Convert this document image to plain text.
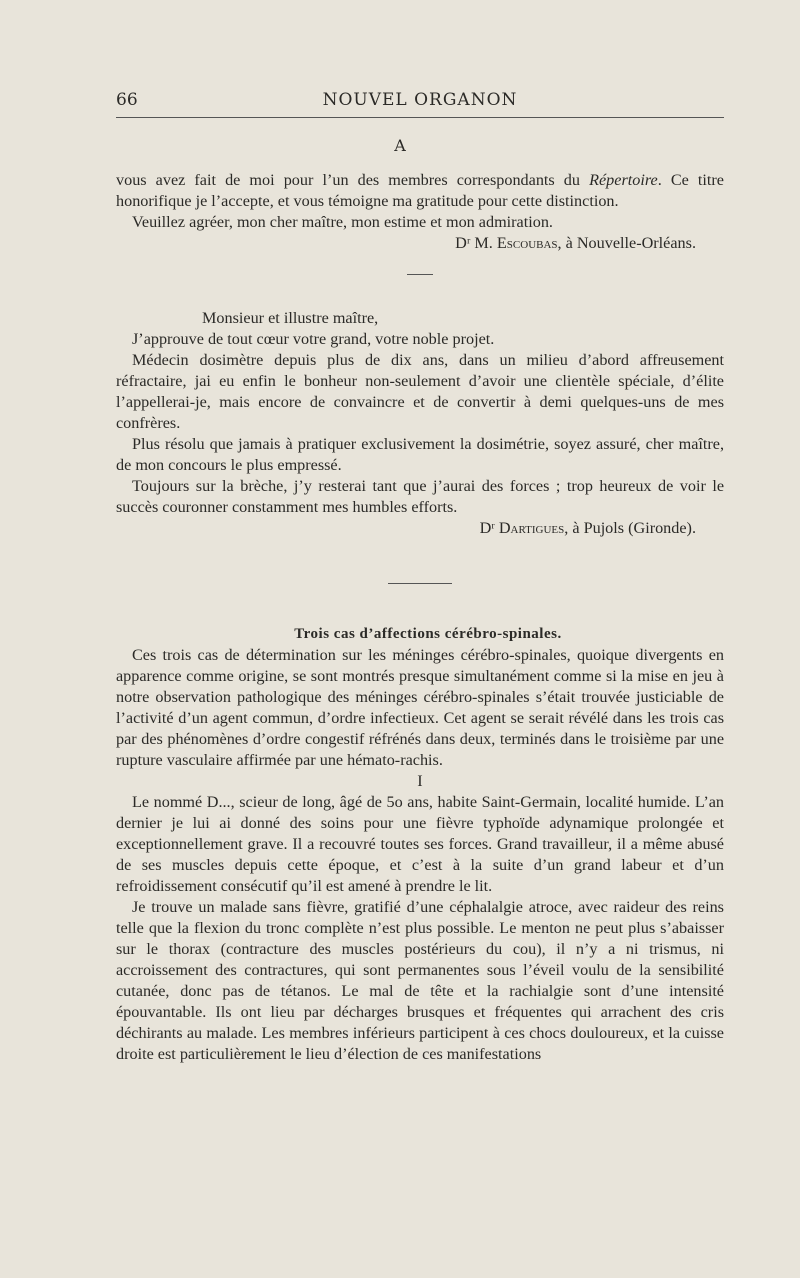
66	NOUVEL ORGANON
A

vous avez fait de moi pour l’un des membres correspondants du Répertoire. Ce titre honorifique je l’accepte, et vous témoigne ma gratitude pour cette distinction.

Veuillez agréer, mon cher maître, mon estime et mon admiration.

Dʳ M. Escoubas, à Nouvelle-Orléans.

Monsieur et illustre maître,

J’approuve de tout cœur votre grand, votre noble projet.

Médecin dosimètre depuis plus de dix ans, dans un milieu d’abord affreusement réfractaire, jai eu enfin le bonheur non-seulement d’avoir une clientèle spéciale, d’élite l’appellerai-je, mais encore de convaincre et de convertir à demi quelques-uns de mes confrères.

Plus résolu que jamais à pratiquer exclusivement la dosimétrie, soyez assuré, cher maître, de mon concours le plus empressé.

Toujours sur la brèche, j’y resterai tant que j’aurai des forces ; trop heureux de voir le succès couronner constamment mes humbles efforts.

Dʳ Dartigues, à Pujols (Gironde).

Trois cas d’affections cérébro-spinales.

Ces trois cas de détermination sur les méninges cérébro-spinales, quoique divergents en apparence comme origine, se sont montrés presque simultanément comme si la mise en jeu à notre observation pathologique des méninges cérébro-spinales s’était trouvée justiciable de l’activité d’un agent commun, d’ordre infectieux. Cet agent se serait révélé dans les trois cas par des phénomènes d’ordre congestif réfrénés dans deux, terminés dans le troisième par une rupture vasculaire affirmée par une hémato-rachis.

I

Le nommé D..., scieur de long, âgé de 5o ans, habite Saint-Germain, localité humide. L’an dernier je lui ai donné des soins pour une fièvre typhoïde adynamique prolongée et exceptionnellement grave. Il a recouvré toutes ses forces. Grand travailleur, il a même abusé de ses muscles depuis cette époque, et c’est à la suite d’un grand labeur et d’un refroidissement consécutif qu’il est amené à prendre le lit.

Je trouve un malade sans fièvre, gratifié d’une céphalalgie atroce, avec raideur des reins telle que la flexion du tronc complète n’est plus possible. Le menton ne peut plus s’abaisser sur le thorax (contracture des muscles postérieurs du cou), il n’y a ni trismus, ni accroissement des contractures, qui sont permanentes sous l’éveil voulu de la sensibilité cutanée, donc pas de tétanos. Le mal de tête et la rachialgie sont d’une intensité épouvantable. Ils ont lieu par décharges brusques et fréquentes qui arrachent des cris déchirants au malade. Les membres inférieurs participent à ces chocs douloureux, et la cuisse droite est particulièrement le lieu d’élection de ces manifestations
